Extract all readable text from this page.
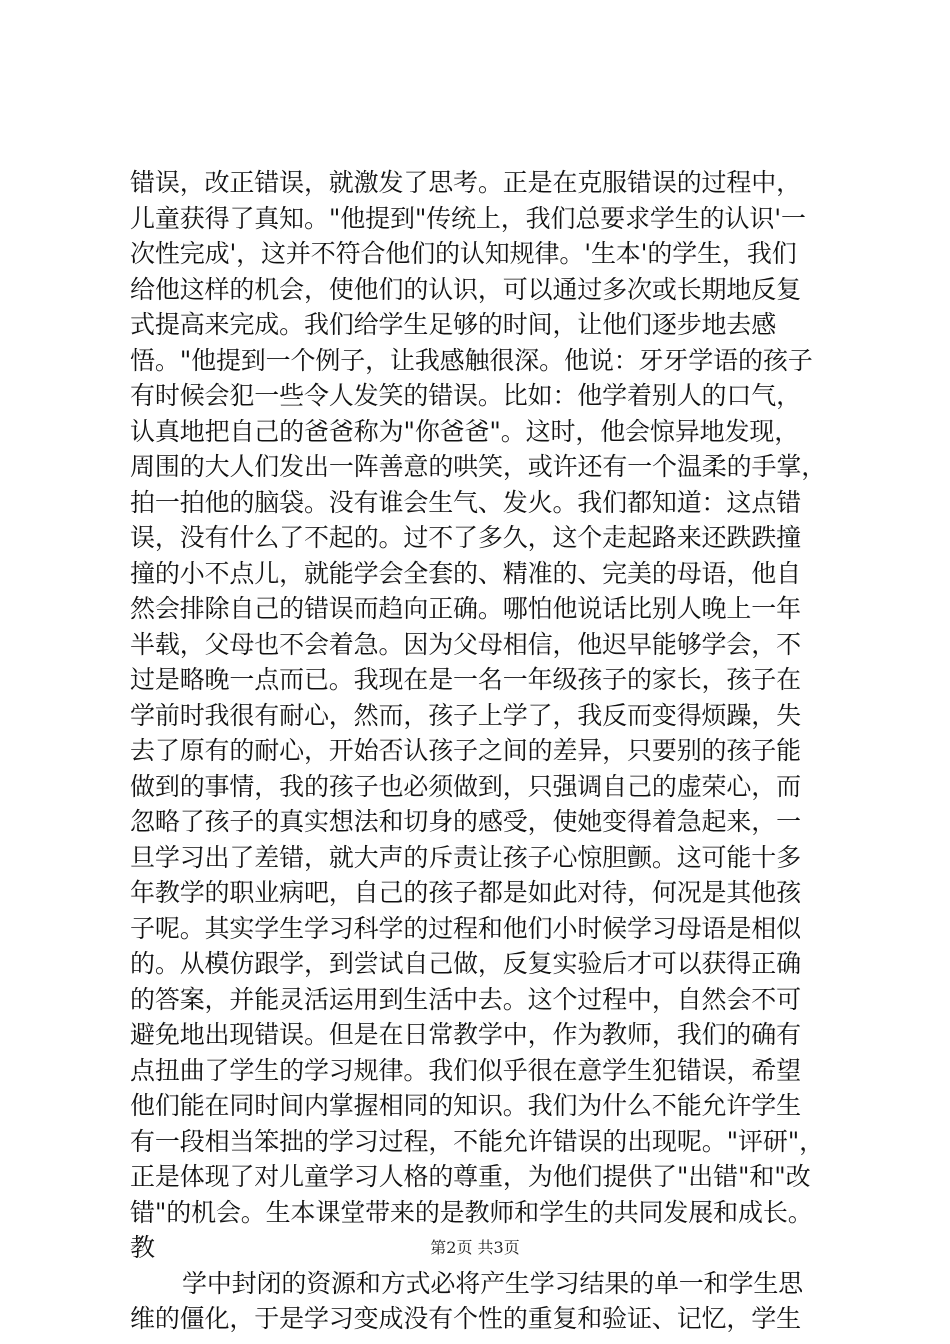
错误，改正错误，就激发了思考。正是在克服错误的过程中，
儿童获得了真知。"他提到"传统上，我们总要求学生的认识'一
次性完成'，这并不符合他们的认知规律。'生本'的学生，我们
给他这样的机会，使他们的认识，可以通过多次或长期地反复
式提高来完成。我们给学生足够的时间，让他们逐步地去感
悟。"他提到一个例子，让我感触很深。他说：牙牙学语的孩子
有时候会犯一些令人发笑的错误。比如：他学着别人的口气，
认真地把自己的爸爸称为"你爸爸"。这时，他会惊异地发现，
周围的大人们发出一阵善意的哄笑，或许还有一个温柔的手掌，
拍一拍他的脑袋。没有谁会生气、发火。我们都知道：这点错
误，没有什么了不起的。过不了多久，这个走起路来还跌跌撞
撞的小不点儿，就能学会全套的、精准的、完美的母语，他自
然会排除自己的错误而趋向正确。哪怕他说话比别人晚上一年
半载，父母也不会着急。因为父母相信，他迟早能够学会，不
过是略晚一点而已。我现在是一名一年级孩子的家长，孩子在
学前时我很有耐心，然而，孩子上学了，我反而变得烦躁，失
去了原有的耐心，开始否认孩子之间的差异，只要别的孩子能
做到的事情，我的孩子也必须做到，只强调自己的虚荣心，而
忽略了孩子的真实想法和切身的感受，使她变得着急起来，一
旦学习出了差错，就大声的斥责让孩子心惊胆颤。这可能十多
年教学的职业病吧，自己的孩子都是如此对待，何况是其他孩
子呢。其实学生学习科学的过程和他们小时候学习母语是相似
的。从模仿跟学，到尝试自己做，反复实验后才可以获得正确
的答案，并能灵活运用到生活中去。这个过程中，自然会不可
避免地出现错误。但是在日常教学中，作为教师，我们的确有
点扭曲了学生的学习规律。我们似乎很在意学生犯错误，希望
他们能在同时间内掌握相同的知识。我们为什么不能允许学生
有一段相当笨拙的学习过程，不能允许错误的出现呢。"评研"，
正是体现了对儿童学习人格的尊重，为他们提供了"出错"和"改
错"的机会。生本课堂带来的是教师和学生的共同发展和成长。
教
学中封闭的资源和方式必将产生学习结果的单一和学生思
维的僵化，于是学习变成没有个性的重复和验证、记忆，学生
第2页 共3页
